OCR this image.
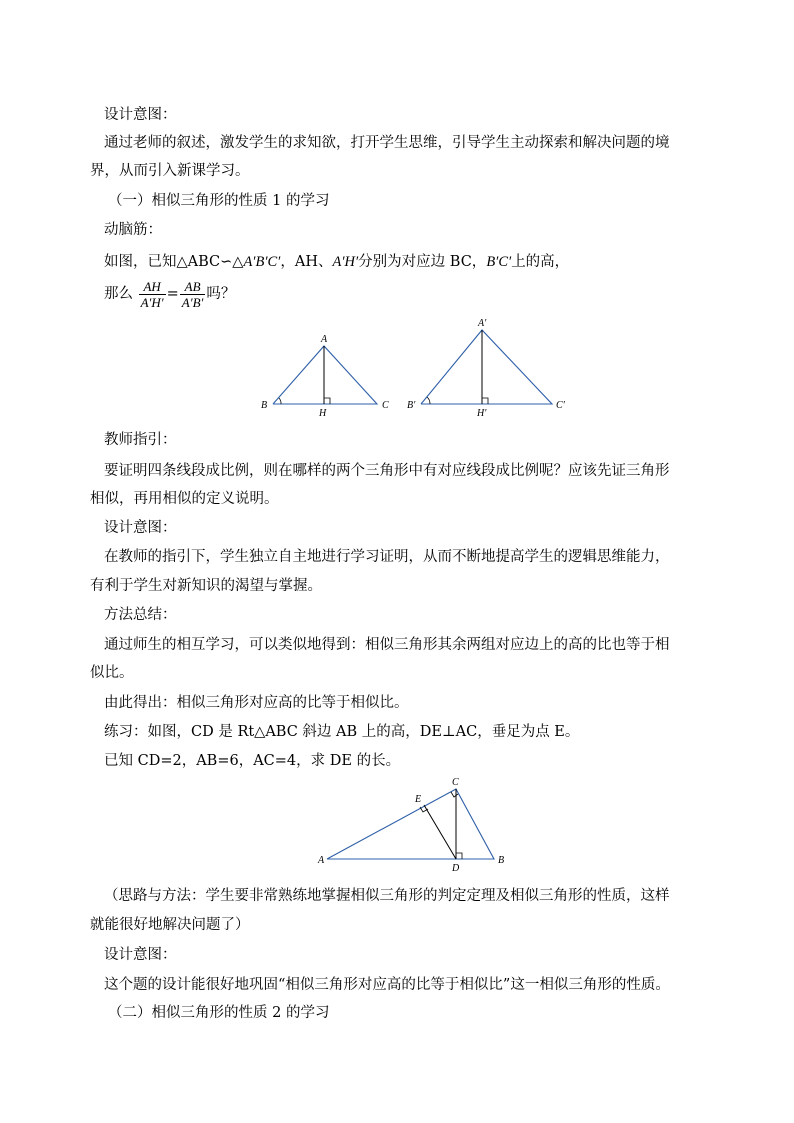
设计意图：
通过老师的叙述，激发学生的求知欲，打开学生思维，引导学生主动探索和解决问题的境
界，从而引入新课学习。
（一）相似三角形的性质 1 的学习
动脑筋：
如图，已知△ABC∽△A′B′C′，AH、A′H′分别为对应边 BC，B′C′上的高，
那么 $\frac{AH}{A'H'} = \frac{AB}{A'B'}$ 吗？
A
B	C
H
A′
B′	C′
H′
教师指引：
要证明四条线段成比例，则在哪样的两个三角形中有对应线段成比例呢？应该先证三角形
相似，再用相似的定义说明。
设计意图：
在教师的指引下，学生独立自主地进行学习证明，从而不断地提高学生的逻辑思维能力，
有利于学生对新知识的渴望与掌握。
方法总结：
通过师生的相互学习，可以类似地得到：相似三角形其余两组对应边上的高的比也等于相
似比。
由此得出：相似三角形对应高的比等于相似比。
练习：如图，CD 是 Rt△ABC 斜边 AB 上的高，DE⊥AC，垂足为点 E。
已知 CD=2，AB=6，AC=4，求 DE 的长。
A	B
C
D
E
（思路与方法：学生要非常熟练地掌握相似三角形的判定定理及相似三角形的性质，这样
就能很好地解决问题了）
设计意图：
这个题的设计能很好地巩固“相似三角形对应高的比等于相似比”这一相似三角形的性质。
（二）相似三角形的性质 2 的学习
